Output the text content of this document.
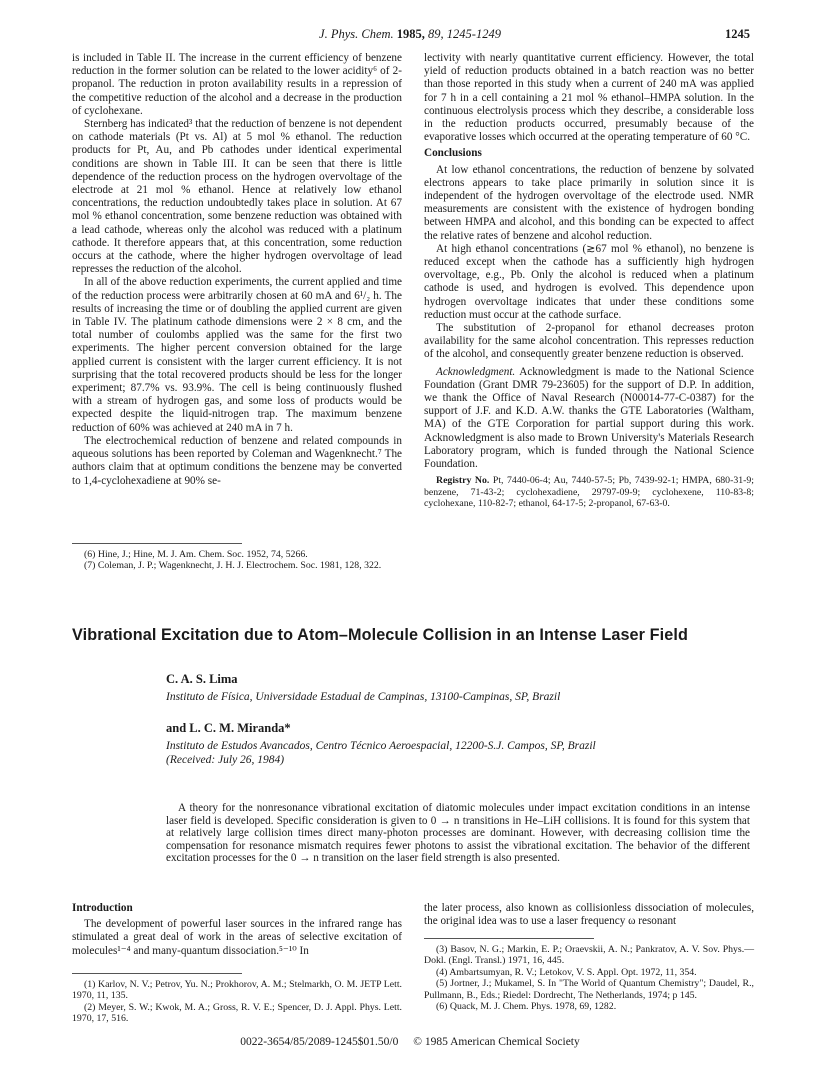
J. Phys. Chem. 1985, 89, 1245-1249	1245

is included in Table II. The increase in the current efficiency of benzene reduction in the former solution can be related to the lower acidity⁶ of 2-propanol. The reduction in proton availability results in a repression of the competitive reduction of the alcohol and a decrease in the production of cyclohexane.

Sternberg has indicated³ that the reduction of benzene is not dependent on cathode materials (Pt vs. Al) at 5 mol % ethanol. The reduction products for Pt, Au, and Pb cathodes under identical experimental conditions are shown in Table III. It can be seen that there is little dependence of the reduction process on the hydrogen overvoltage of the electrode at 21 mol % ethanol. Hence at relatively low ethanol concentrations, the reduction undoubtedly takes place in solution. At 67 mol % ethanol concentration, some benzene reduction was obtained with a lead cathode, whereas only the alcohol was reduced with a platinum cathode. It therefore appears that, at this concentration, some reduction occurs at the cathode, where the higher hydrogen overvoltage of lead represses the reduction of the alcohol.

In all of the above reduction experiments, the current applied and time of the reduction process were arbitrarily chosen at 60 mA and 6¹/₂ h. The results of increasing the time or of doubling the applied current are given in Table IV. The platinum cathode dimensions were 2 × 8 cm, and the total number of coulombs applied was the same for the first two experiments. The higher percent conversion obtained for the large applied current is consistent with the larger current efficiency. It is not surprising that the total recovered products should be less for the longer experiment; 87.7% vs. 93.9%. The cell is being continuously flushed with a stream of hydrogen gas, and some loss of products would be expected despite the liquid-nitrogen trap. The maximum benzene reduction of 60% was achieved at 240 mA in 7 h.

The electrochemical reduction of benzene and related compounds in aqueous solutions has been reported by Coleman and Wagenknecht.⁷ The authors claim that at optimum conditions the benzene may be converted to 1,4-cyclohexadiene at 90% se-

(6) Hine, J.; Hine, M. J. Am. Chem. Soc. 1952, 74, 5266.

(7) Coleman, J. P.; Wagenknecht, J. H. J. Electrochem. Soc. 1981, 128, 322.

lectivity with nearly quantitative current efficiency. However, the total yield of reduction products obtained in a batch reaction was no better than those reported in this study when a current of 240 mA was applied for 7 h in a cell containing a 21 mol % ethanol–HMPA solution. In the continuous electrolysis process which they describe, a considerable loss in the reduction products occurred, presumably because of the evaporative losses which occurred at the operating temperature of 60 °C.

Conclusions

At low ethanol concentrations, the reduction of benzene by solvated electrons appears to take place primarily in solution since it is independent of the hydrogen overvoltage of the electrode used. NMR measurements are consistent with the existence of hydrogen bonding between HMPA and alcohol, and this bonding can be expected to affect the relative rates of benzene and alcohol reduction.

At high ethanol concentrations (≳67 mol % ethanol), no benzene is reduced except when the cathode has a sufficiently high hydrogen overvoltage, e.g., Pb. Only the alcohol is reduced when a platinum cathode is used, and hydrogen is evolved. This dependence upon hydrogen overvoltage indicates that under these conditions some reduction must occur at the cathode surface.

The substitution of 2-propanol for ethanol decreases proton availability for the same alcohol concentration. This represses reduction of the alcohol, and consequently greater benzene reduction is observed.

Acknowledgment. Acknowledgment is made to the National Science Foundation (Grant DMR 79-23605) for the support of D.P. In addition, we thank the Office of Naval Research (N00014-77-C-0387) for the support of J.F. and K.D. A.W. thanks the GTE Laboratories (Waltham, MA) of the GTE Corporation for partial support during this work. Acknowledgment is also made to Brown University's Materials Research Laboratory program, which is funded through the National Science Foundation.

Registry No. Pt, 7440-06-4; Au, 7440-57-5; Pb, 7439-92-1; HMPA, 680-31-9; benzene, 71-43-2; cyclohexadiene, 29797-09-9; cyclohexene, 110-83-8; cyclohexane, 110-82-7; ethanol, 64-17-5; 2-propanol, 67-63-0.

Vibrational Excitation due to Atom–Molecule Collision in an Intense Laser Field
C. A. S. Lima
Instituto de Física, Universidade Estadual de Campinas, 13100-Campinas, SP, Brazil
and L. C. M. Miranda*
Instituto de Estudos Avancados, Centro Técnico Aeroespacial, 12200-S.J. Campos, SP, Brazil
(Received: July 26, 1984)
A theory for the nonresonance vibrational excitation of diatomic molecules under impact excitation conditions in an intense laser field is developed. Specific consideration is given to 0 → n transitions in He–LiH collisions. It is found for this system that at relatively large collision times direct many-photon processes are dominant. However, with decreasing collision time the compensation for resonance mismatch requires fewer photons to assist the vibrational excitation. The behavior of the different excitation processes for the 0 → n transition on the laser field strength is also presented.
Introduction

The development of powerful laser sources in the infrared range has stimulated a great deal of work in the areas of selective excitation of molecules¹⁻⁴ and many-quantum dissociation.⁵⁻¹⁰ In

the later process, also known as collisionless dissociation of molecules, the original idea was to use a laser frequency ω resonant

(1) Karlov, N. V.; Petrov, Yu. N.; Prokhorov, A. M.; Stelmarkh, O. M. JETP Lett. 1970, 11, 135.

(2) Meyer, S. W.; Kwok, M. A.; Gross, R. V. E.; Spencer, D. J. Appl. Phys. Lett. 1970, 17, 516.

(3) Basov, N. G.; Markin, E. P.; Oraevskii, A. N.; Pankratov, A. V. Sov. Phys.—Dokl. (Engl. Transl.) 1971, 16, 445.

(4) Ambartsumyan, R. V.; Letokov, V. S. Appl. Opt. 1972, 11, 354.

(5) Jortner, J.; Mukamel, S. In "The World of Quantum Chemistry"; Daudel, R., Pullmann, B., Eds.; Riedel: Dordrecht, The Netherlands, 1974; p 145.

(6) Quack, M. J. Chem. Phys. 1978, 69, 1282.

0022-3654/85/2089-1245$01.50/0 © 1985 American Chemical Society
